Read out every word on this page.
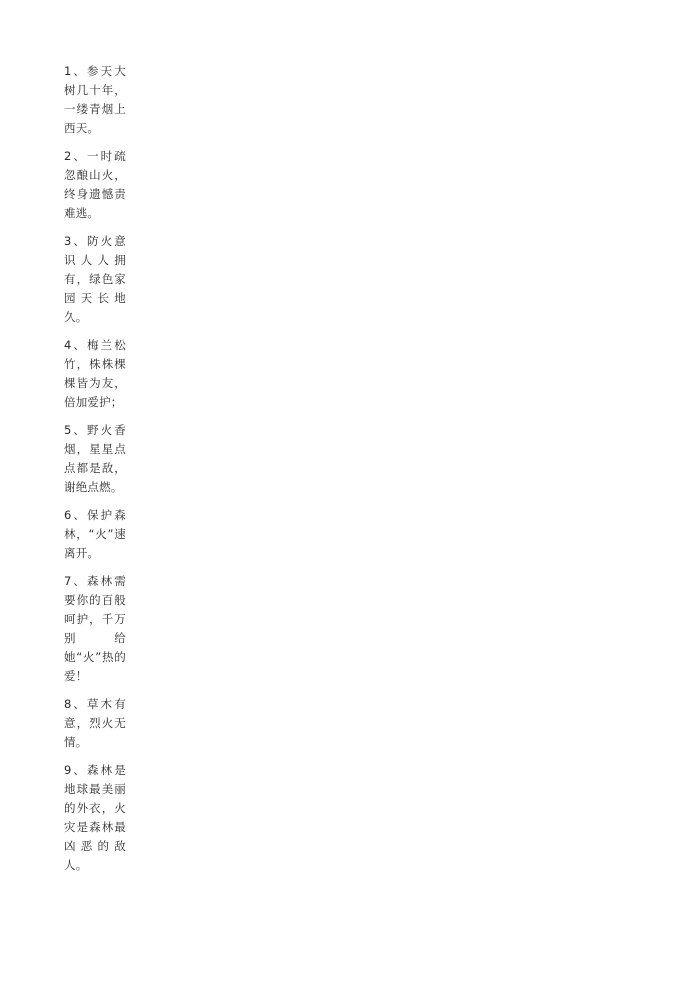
1、参天大树几十年，一缕青烟上西天。

2、一时疏忽酿山火，终身遗憾责难逃。

3、防火意识人人拥有，绿色家园天长地久。

4、梅兰松竹，株株棵棵皆为友，倍加爱护；

5、野火香烟，星星点点都是敌，谢绝点燃。

6、保护森林，“火”速离开。

7、森林需要你的百般呵护，千万别给她“火”热的爱！

8、草木有意，烈火无情。

9、森林是地球最美丽的外衣，火灾是森林最凶恶的敌人。
